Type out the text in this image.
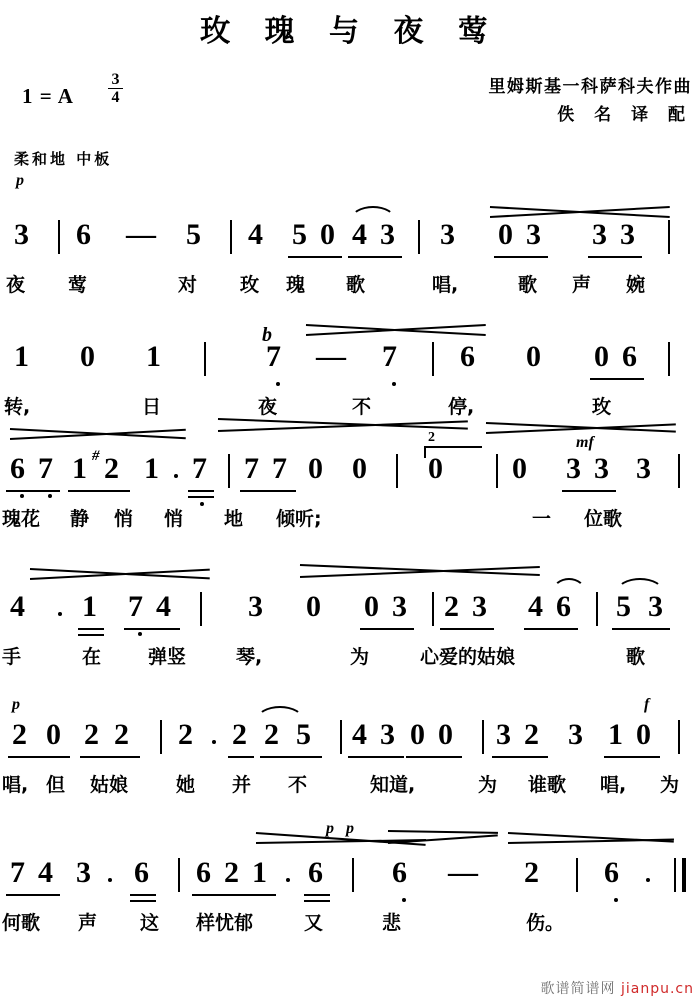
玫 瑰 与 夜 莺
1 = A
3
4
里姆斯基一科萨科夫作曲
佚 名 译 配
柔和地 中板
p
3 6 — 5 4 5 0 4 3 3 0 3 3 3
夜 莺	对 玫 瑰 歌	唱,	歌 声 婉
1 0 1
b
7 — 7 6 0 0 6
转,	日	夜	不	停,	玫
mf
6 7 1 # 2 1 7 7 7 0 0
2
0 0 3 3 3
瑰花 静 悄 悄 地 倾听;	一 位歌
4 1 7 4	3 0 0 3 2 3 4 6 5 3
手	在 弹竖	琴,	为	心爱的姑娘	歌
p	f
2 0 2 2 2 2 2 5 4 3 0 0 3 2 3 1 0
唱, 但 姑娘	她 并 不	知道,	为 谁歌 唱, 为
p p
7 4 3 6 6 2 1 6 6 — 2 6
何歌 声 这 样忧郁	又	悲	伤。
歌谱简谱网 jianpu.cn
